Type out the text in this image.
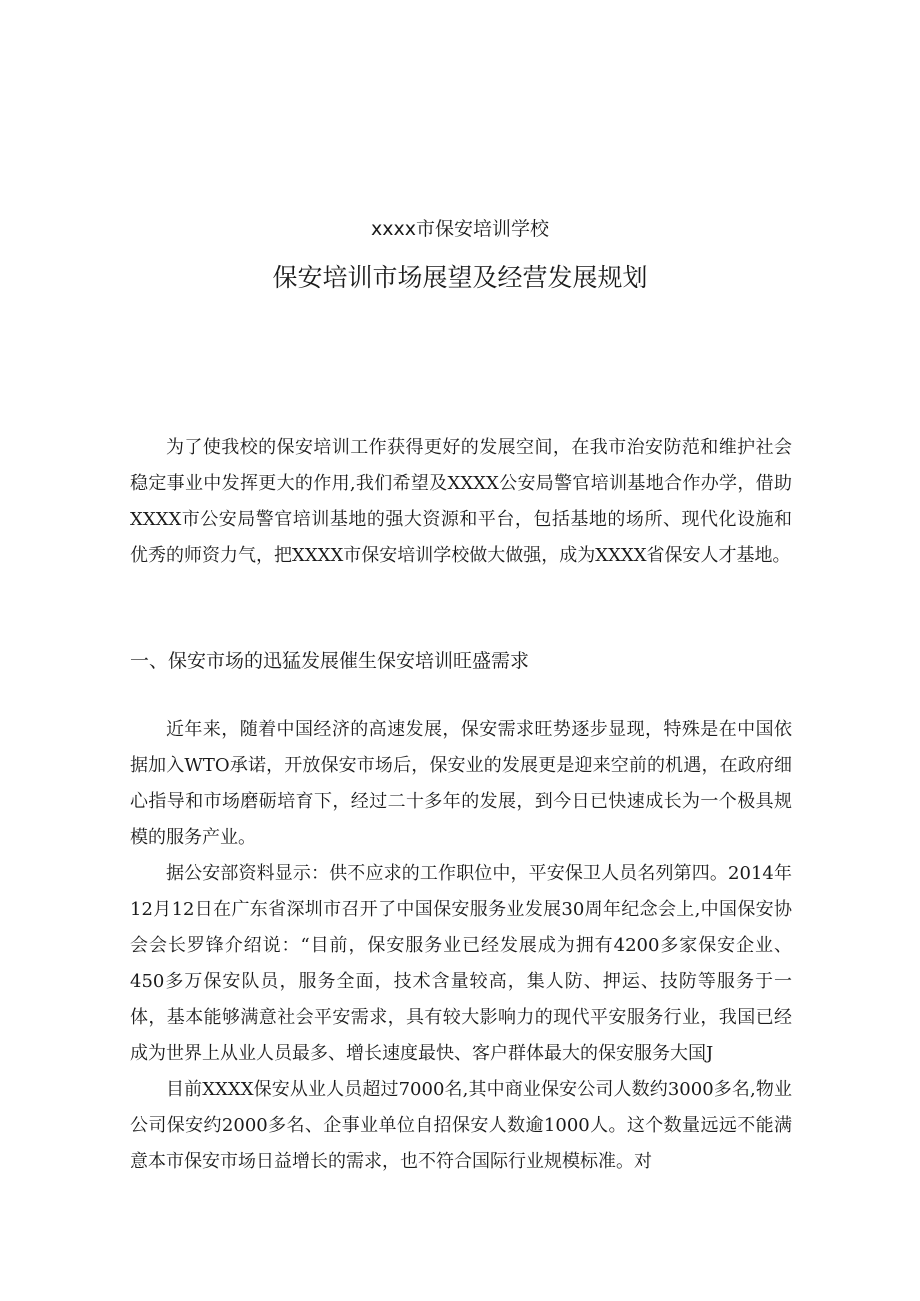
xxxx市保安培训学校
保安培训市场展望及经营发展规划

为了使我校的保安培训工作获得更好的发展空间，在我市治安防范和维护社会稳定事业中发挥更大的作用,我们希望及XXXX公安局警官培训基地合作办学，借助XXXX市公安局警官培训基地的强大资源和平台，包括基地的场所、现代化设施和优秀的师资力气，把XXXX市保安培训学校做大做强，成为XXXX省保安人才基地。

一、保安市场的迅猛发展催生保安培训旺盛需求

近年来，随着中国经济的高速发展，保安需求旺势逐步显现，特殊是在中国依据加入WTO承诺，开放保安市场后，保安业的发展更是迎来空前的机遇，在政府细心指导和市场磨砺培育下，经过二十多年的发展，到今日已快速成长为一个极具规模的服务产业。

据公安部资料显示：供不应求的工作职位中，平安保卫人员名列第四。2014年12月12日在广东省深圳市召开了中国保安服务业发展30周年纪念会上,中国保安协会会长罗锋介绍说：“目前，保安服务业已经发展成为拥有4200多家保安企业、450多万保安队员，服务全面，技术含量较高，集人防、押运、技防等服务于一体，基本能够满意社会平安需求，具有较大影响力的现代平安服务行业，我国已经成为世界上从业人员最多、增长速度最快、客户群体最大的保安服务大国J

目前XXXX保安从业人员超过7000名,其中商业保安公司人数约3000多名,物业公司保安约2000多名、企事业单位自招保安人数逾1000人。这个数量远远不能满意本市保安市场日益增长的需求，也不符合国际行业规模标准。对
